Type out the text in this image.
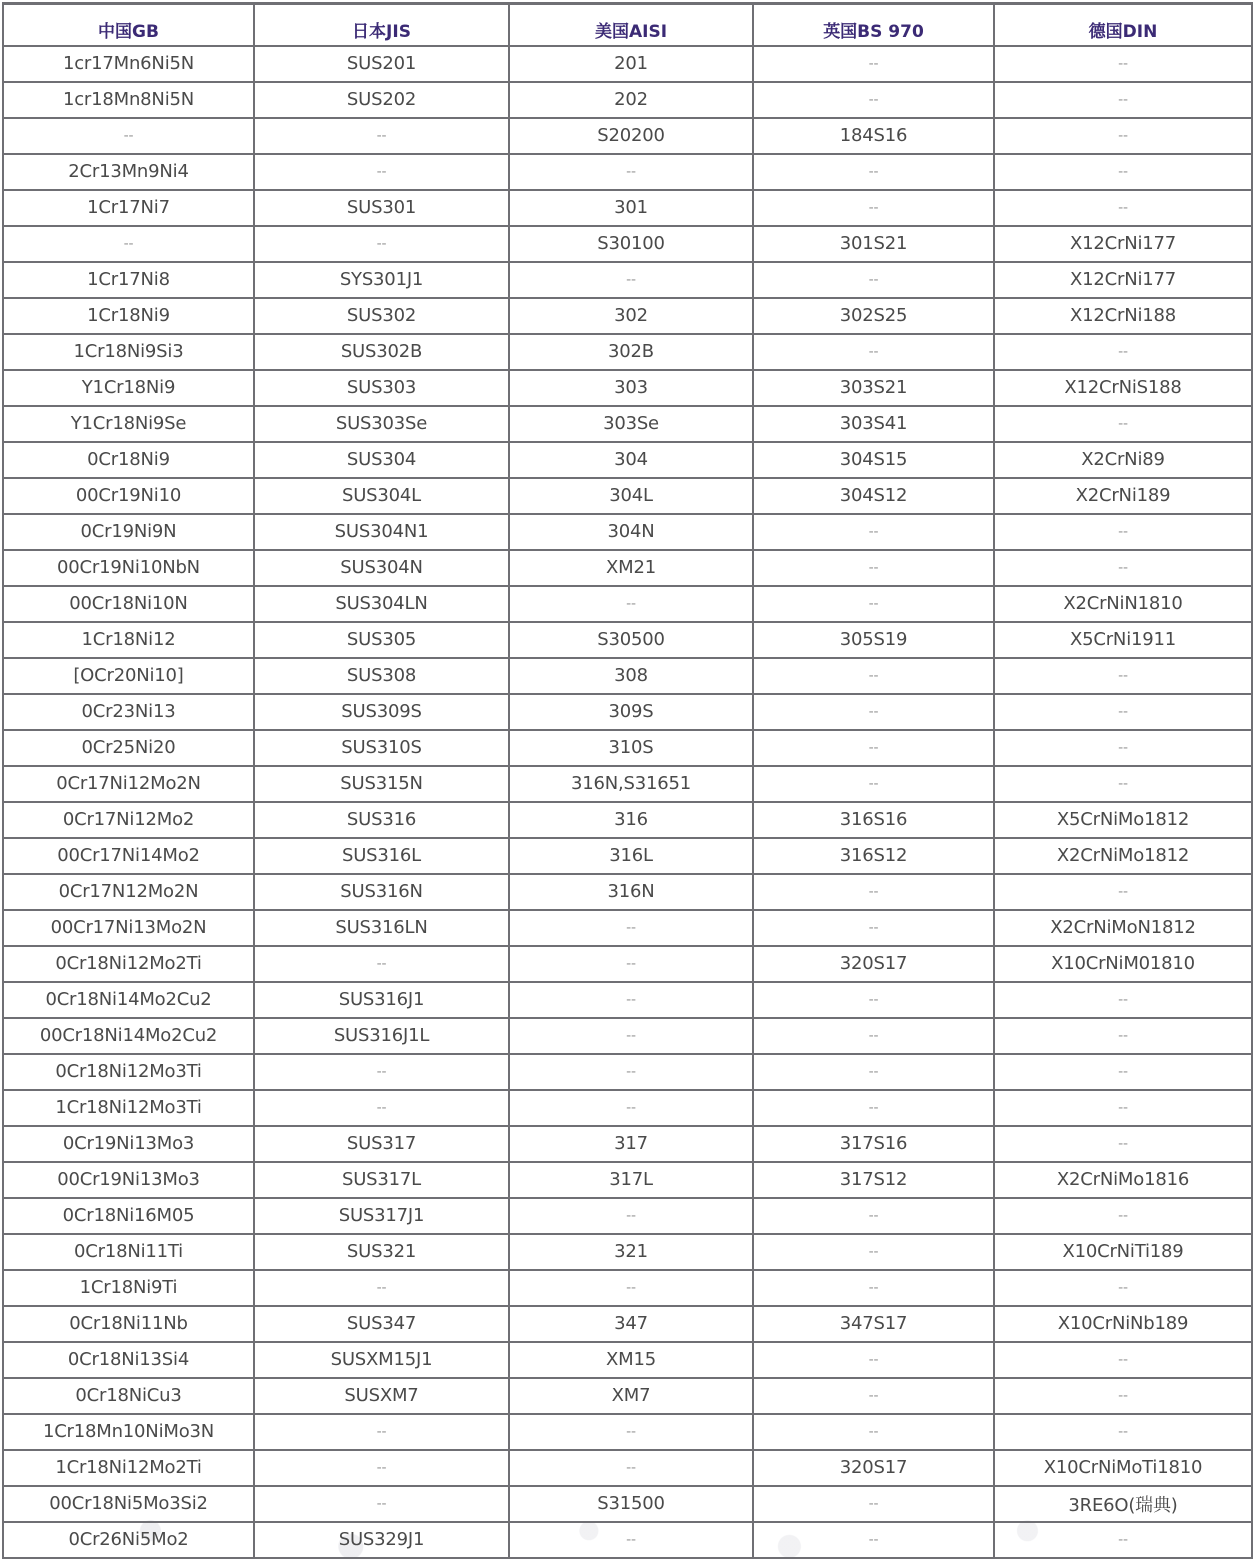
中国GB	日本JIS	美国AISI	英国BS 970	德国DIN
1cr17Mn6Ni5N	SUS201	201	--	--
1cr18Mn8Ni5N	SUS202	202	--	--
--	--	S20200	184S16	--
2Cr13Mn9Ni4	--	--	--	--
1Cr17Ni7	SUS301	301	--	--
--	--	S30100	301S21	X12CrNi177
1Cr17Ni8	SYS301J1	--	--	X12CrNi177
1Cr18Ni9	SUS302	302	302S25	X12CrNi188
1Cr18Ni9Si3	SUS302B	302B	--	--
Y1Cr18Ni9	SUS303	303	303S21	X12CrNiS188
Y1Cr18Ni9Se	SUS303Se	303Se	303S41	--
0Cr18Ni9	SUS304	304	304S15	X2CrNi89
00Cr19Ni10	SUS304L	304L	304S12	X2CrNi189
0Cr19Ni9N	SUS304N1	304N	--	--
00Cr19Ni10NbN	SUS304N	XM21	--	--
00Cr18Ni10N	SUS304LN	--	--	X2CrNiN1810
1Cr18Ni12	SUS305	S30500	305S19	X5CrNi1911
[OCr20Ni10]	SUS308	308	--	--
0Cr23Ni13	SUS309S	309S	--	--
0Cr25Ni20	SUS310S	310S	--	--
0Cr17Ni12Mo2N	SUS315N	316N,S31651	--	--
0Cr17Ni12Mo2	SUS316	316	316S16	X5CrNiMo1812
00Cr17Ni14Mo2	SUS316L	316L	316S12	X2CrNiMo1812
0Cr17N12Mo2N	SUS316N	316N	--	--
00Cr17Ni13Mo2N	SUS316LN	--	--	X2CrNiMoN1812
0Cr18Ni12Mo2Ti	--	--	320S17	X10CrNiM01810
0Cr18Ni14Mo2Cu2	SUS316J1	--	--	--
00Cr18Ni14Mo2Cu2	SUS316J1L	--	--	--
0Cr18Ni12Mo3Ti	--	--	--	--
1Cr18Ni12Mo3Ti	--	--	--	--
0Cr19Ni13Mo3	SUS317	317	317S16	--
00Cr19Ni13Mo3	SUS317L	317L	317S12	X2CrNiMo1816
0Cr18Ni16M05	SUS317J1	--	--	--
0Cr18Ni11Ti	SUS321	321	--	X10CrNiTi189
1Cr18Ni9Ti	--	--	--	--
0Cr18Ni11Nb	SUS347	347	347S17	X10CrNiNb189
0Cr18Ni13Si4	SUSXM15J1	XM15	--	--
0Cr18NiCu3	SUSXM7	XM7	--	--
1Cr18Mn10NiMo3N	--	--	--	--
1Cr18Ni12Mo2Ti	--	--	320S17	X10CrNiMoTi1810
00Cr18Ni5Mo3Si2	--	S31500	--	3RE6O(瑞典)
0Cr26Ni5Mo2	SUS329J1	--	--	--
